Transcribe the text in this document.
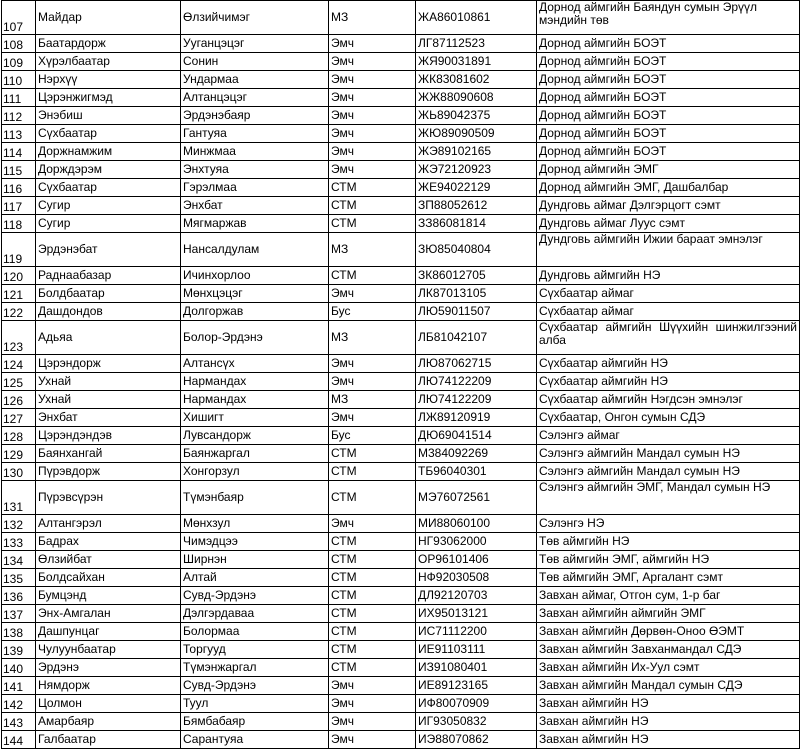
107	Майдар	Өлзийчимэг	МЗ	ЖА86010861	Дорнод аймгийн Баяндун сумын Эрүүл мэндийн төв
108	Баатардорж	Ууганцэцэг	Эмч	ЛГ87112523	Дорнод аймгийн БОЭТ
109	Хүрэлбаатар	Сонин	Эмч	ЖЯ90031891	Дорнод аймгийн БОЭТ
110	Нэрхүү	Ундармаа	Эмч	ЖК83081602	Дорнод аймгийн БОЭТ
111	Цэрэнжигмэд	Алтанцэцэг	Эмч	ЖЖ88090608	Дорнод аймгийн БОЭТ
112	Энэбиш	Эрдэнэбаяр	Эмч	ЖЬ89042375	Дорнод аймгийн БОЭТ
113	Сүхбаатар	Гантуяа	Эмч	ЖЮ89090509	Дорнод аймгийн БОЭТ
114	Доржнамжим	Минжмаа	Эмч	ЖЭ89102165	Дорнод аймгийн БОЭТ
115	Дорждэрэм	Энхтуяа	Эмч	ЖЭ72120923	Дорнод аймгийн ЭМГ
116	Сүхбаатар	Гэрэлмаа	СТМ	ЖЕ94022129	Дорнод аймгийн ЭМГ, Дашбалбар
117	Сугир	Энхбат	СТМ	ЗП88052612	Дундговь аймаг Дэлгэрцогт сэмт
118	Сугир	Мягмаржав	СТМ	ЗЗ86081814	Дундговь аймаг Луус сэмт
119	Эрдэнэбат	Нансалдулам	МЗ	ЗЮ85040804	Дундговь аймгийн Ижии бараат эмнэлэг
120	Раднаабазар	Ичинхорлоо	СТМ	ЗК86012705	Дундговь аймгийн НЭ
121	Болдбаатар	Мөнхцэцэг	Эмч	ЛК87013105	Сүхбаатар аймаг
122	Дашдондов	Долгоржав	Бус	ЛЮ59011507	Сүхбаатар аймаг
123	Адьяа	Болор-Эрдэнэ	МЗ	ЛБ81042107	Сүхбаатар аймгийн Шүүхийн шинжилгээний алба
124	Цэрэндорж	Алтансүх	Эмч	ЛЮ87062715	Сүхбаатар аймгийн НЭ
125	Ухнай	Нармандах	Эмч	ЛЮ74122209	Сүхбаатар аймгийн НЭ
126	Ухнай	Нармандах	МЗ	ЛЮ74122209	Сүхбаатар аймгийн Нэгдсэн эмнэлэг
127	Энхбат	Хишигт	Эмч	ЛЖ89120919	Сүхбаатар, Онгон сумын СДЭ
128	Цэрэндэндэв	Лувсандорж	Бус	ДЮ69041514	Сэлэнгэ аймаг
129	Баянхангай	Баянжаргал	СТМ	М384092269	Сэлэнгэ аймгийн Мандал сумын НЭ
130	Пүрэвдорж	Хонгорзул	СТМ	ТБ96040301	Сэлэнгэ аймгийн Мандал сумын НЭ
131	Пүрэвсүрэн	Түмэнбаяр	СТМ	МЭ76072561	Сэлэнгэ аймгийн ЭМГ, Мандал сумын НЭ
132	Алтангэрэл	Мөнхзул	Эмч	МИ88060100	Сэлэнгэ НЭ
133	Бадрах	Чимэдцээ	СТМ	НГ93062000	Төв аймгийн НЭ
134	Өлзийбат	Ширнэн	СТМ	ОР96101406	Төв аймгийн ЭМГ, аймгийн НЭ
135	Болдсайхан	Алтай	СТМ	НФ92030508	Төв аймгийн ЭМГ, Аргалант сэмт
136	Бумцэнд	Сувд-Эрдэнэ	СТМ	ДЛ92120703	Завхан аймаг, Отгон сум, 1-р баг
137	Энх-Амгалан	Дэлгэрдаваа	СТМ	ИХ95013121	Завхан аймгийн аймгийн ЭМГ
138	Дашпунцаг	Болормаа	СТМ	ИС71112200	Завхан аймгийн Дөрвөн-Оноо ӨЭМТ
139	Чулуунбаатар	Торгууд	СТМ	ИЕ91103111	Завхан аймгийн Завханмандал СДЭ
140	Эрдэнэ	Түмэнжаргал	СТМ	ИЗ91080401	Завхан аймгийн Их-Уул сэмт
141	Нямдорж	Сувд-Эрдэнэ	Эмч	ИЕ89123165	Завхан аймгийн Мандал сумын СДЭ
142	Цолмон	Туул	Эмч	ИФ80070909	Завхан аймгийн НЭ
143	Амарбаяр	Бямбабаяр	Эмч	ИГ93050832	Завхан аймгийн НЭ
144	Галбаатар	Сарантуяа	Эмч	ИЭ88070862	Завхан аймгийн НЭ
